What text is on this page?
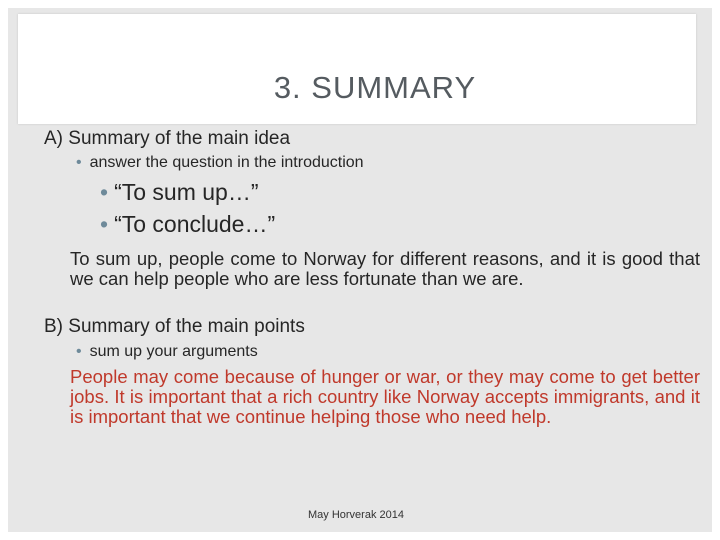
3. SUMMARY
A) Summary of the main idea
• answer the question in the introduction
• “To sum up…”
• “To conclude…”
To sum up, people come to Norway for different reasons, and it is good that we can help people who are less fortunate than we are.
B) Summary of the main points
• sum up your arguments
People may come because of hunger or war, or they may come to get better jobs. It is important that a rich country like Norway accepts immigrants, and it is important that we continue helping those who need help.
May Horverak 2014
